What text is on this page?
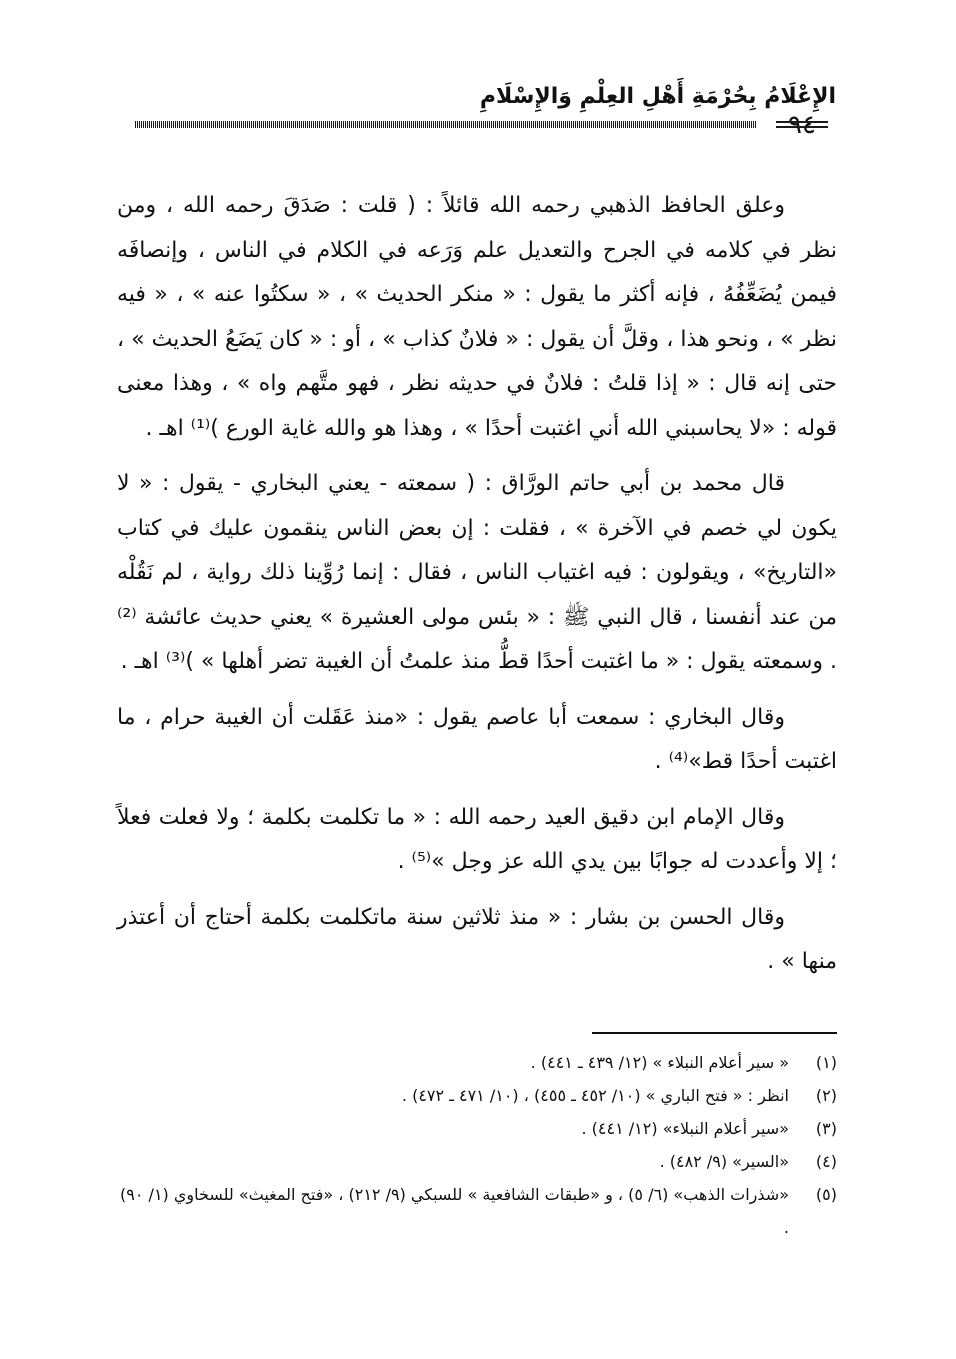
الإِعْلَامُ بِحُرْمَةِ أَهْلِ العِلْمِ وَالإِسْلَامِ

٩٤

وعلق الحافظ الذهبي رحمه الله قائلاً : ( قلت : صَدَقَ رحمه الله ، ومن نظر في كلامه في الجرح والتعديل علم وَرَعه في الكلام في الناس ، وإنصافَه فيمن يُضَعِّفُهُ ، فإنه أكثر ما يقول : « منكر الحديث » ، « سكتُوا عنه » ، « فيه نظر » ، ونحو هذا ، وقلَّ أن يقول : « فلانٌ كذاب » ، أو : « كان يَضَعُ الحديث » ، حتى إنه قال : « إذا قلتُ : فلانٌ في حديثه نظر ، فهو متَّهم واه » ، وهذا معنى قوله : «لا يحاسبني الله أني اغتبت أحدًا » ، وهذا هو والله غاية الورع )⁽¹⁾ اهـ .

قال محمد بن أبي حاتم الورَّاق : ( سمعته - يعني البخاري - يقول : « لا يكون لي خصم في الآخرة » ، فقلت : إن بعض الناس ينقمون عليك في كتاب «التاريخ» ، ويقولون : فيه اغتياب الناس ، فقال : إنما رُوِّينا ذلك رواية ، لم نَقُلْه من عند أنفسنا ، قال النبي ﷺ : « بئس مولى العشيرة » يعني حديث عائشة ⁽²⁾ . وسمعته يقول : « ما اغتبت أحدًا قطُّ منذ علمتُ أن الغيبة تضر أهلها » )⁽³⁾ اهـ .

وقال البخاري : سمعت أبا عاصم يقول : «منذ عَقَلت أن الغيبة حرام ، ما اغتبت أحدًا قط»⁽⁴⁾ .

وقال الإمام ابن دقيق العيد رحمه الله : « ما تكلمت بكلمة ؛ ولا فعلت فعلاً ؛ إلا وأعددت له جوابًا بين يدي الله عز وجل »⁽⁵⁾ .

وقال الحسن بن بشار : « منذ ثلاثين سنة ماتكلمت بكلمة أحتاج أن أعتذر منها » .

(١)
« سير أعلام النبلاء » (١٢/ ٤٣٩ ـ ٤٤١) .
(٢)
انظر : « فتح الباري » (١٠/ ٤٥٢ ـ ٤٥٥) ، (١٠/ ٤٧١ ـ ٤٧٢) .
(٣)
«سير أعلام النبلاء» (١٢/ ٤٤١) .
(٤)
«السير» (٩/ ٤٨٢) .
(٥)
«شذرات الذهب» (٦/ ٥) ، و «طبقات الشافعية » للسبكي (٩/ ٢١٢) ، «فتح المغيث» للسخاوي (١/ ٩٠) .
